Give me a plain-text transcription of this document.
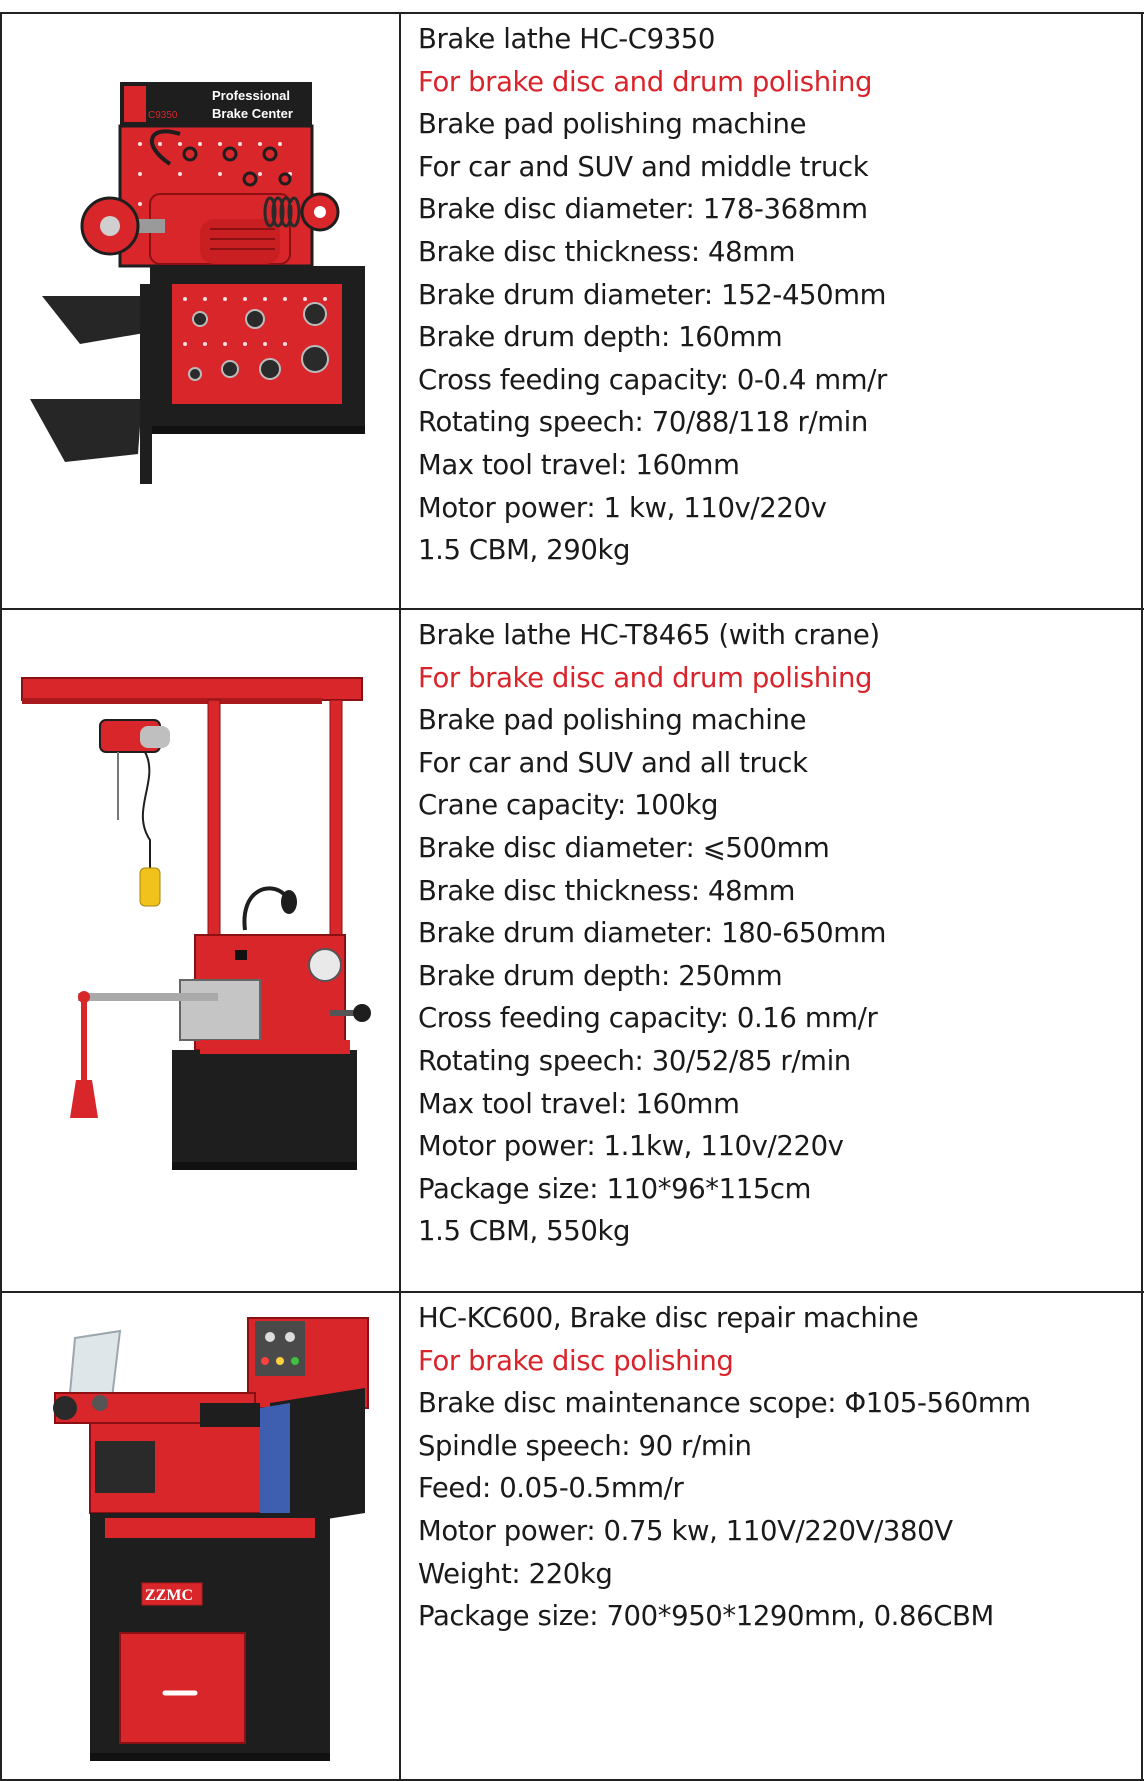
C9350
Professional
Brake Center
Brake lathe HC-C9350
For brake disc and drum polishing
Brake pad polishing machine
For car and SUV and middle truck
Brake disc diameter: 178-368mm
Brake disc thickness: 48mm
Brake drum diameter: 152-450mm
Brake drum depth: 160mm
Cross feeding capacity: 0-0.4 mm/r
Rotating speech: 70/88/118 r/min
Max tool travel: 160mm
Motor power: 1 kw, 110v/220v
1.5 CBM, 290kg
Brake lathe HC-T8465 (with crane)
For brake disc and drum polishing
Brake pad polishing machine
For car and SUV and all truck
Crane capacity: 100kg
Brake disc diameter: ⩽500mm
Brake disc thickness: 48mm
Brake drum diameter: 180-650mm
Brake drum depth: 250mm
Cross feeding capacity: 0.16 mm/r
Rotating speech: 30/52/85 r/min
Max tool travel: 160mm
Motor power: 1.1kw, 110v/220v
Package size: 110*96*115cm
1.5 CBM, 550kg
ZZMC
HC-KC600, Brake disc repair machine
For brake disc polishing
Brake disc maintenance scope: Φ105-560mm
Spindle speech: 90 r/min
Feed: 0.05-0.5mm/r
Motor power: 0.75 kw, 110V/220V/380V
Weight: 220kg
Package size: 700*950*1290mm, 0.86CBM
